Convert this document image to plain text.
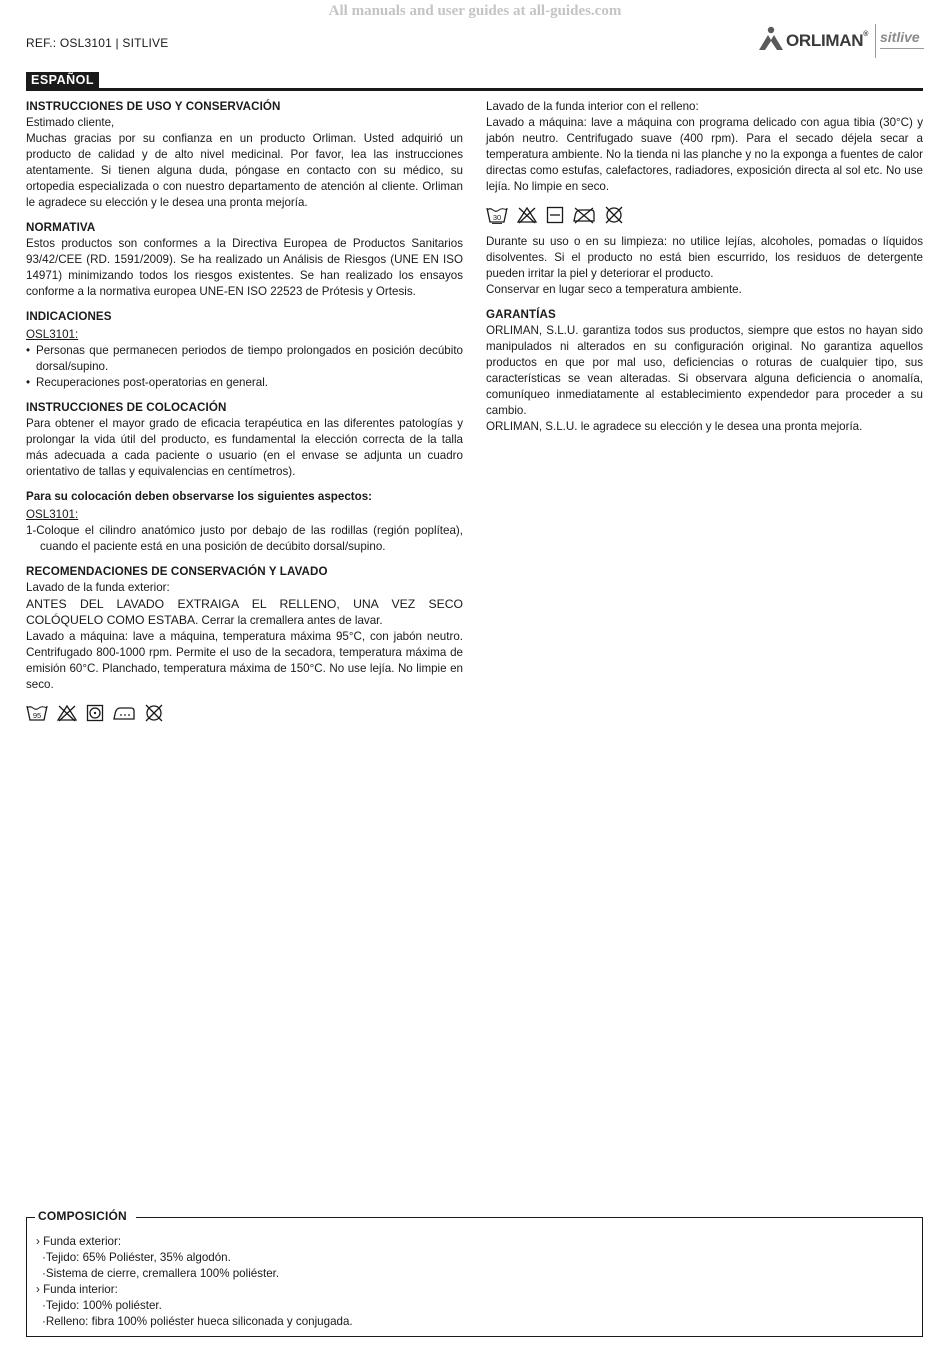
All manuals and user guides at all-guides.com
REF.: OSL3101 | SITLIVE	ORLIMAN® sitlive
ESPAÑOL
INSTRUCCIONES DE USO Y CONSERVACIÓN

Estimado cliente,

Muchas gracias por su confianza en un producto Orliman. Usted adquirió un producto de calidad y de alto nivel medicinal. Por favor, lea las instrucciones atentamente. Si tienen alguna duda, póngase en contacto con su médico, su ortopedia especializada o con nuestro departamento de atención al cliente. Orliman le agradece su elección y le desea una pronta mejoría.

NORMATIVA

Estos productos son conformes a la Directiva Europea de Productos Sanitarios 93/42/CEE (RD. 1591/2009). Se ha realizado un Análisis de Riesgos (UNE EN ISO 14971) minimizando todos los riesgos existentes. Se han realizado los ensayos conforme a la normativa europea UNE-EN ISO 22523 de Prótesis y Ortesis.

INDICACIONES

OSL3101:

• Personas que permanecen periodos de tiempo prolongados en posición decúbito dorsal/supino.

• Recuperaciones post-operatorias en general.

INSTRUCCIONES DE COLOCACIÓN

Para obtener el mayor grado de eficacia terapéutica en las diferentes patologías y prolongar la vida útil del producto, es fundamental la elección correcta de la talla más adecuada a cada paciente o usuario (en el envase se adjunta un cuadro orientativo de tallas y equivalencias en centímetros).

Para su colocación deben observarse los siguientes aspectos:

OSL3101:

1-Coloque el cilindro anatómico justo por debajo de las rodillas (región poplítea), cuando el paciente está en una posición de decúbito dorsal/supino.

RECOMENDACIONES DE CONSERVACIÓN Y LAVADO

Lavado de la funda exterior:

ANTES DEL LAVADO EXTRAIGA EL RELLENO, UNA VEZ SECO COLÓQUELO COMO ESTABA. Cerrar la cremallera antes de lavar.

Lavado a máquina: lave a máquina, temperatura máxima 95°C, con jabón neutro. Centrifugado 800-1000 rpm. Permite el uso de la secadora, temperatura máxima de emisión 60°C. Planchado, temperatura máxima de 150°C. No use lejía. No limpie en seco.

95

Lavado de la funda interior con el relleno:

Lavado a máquina: lave a máquina con programa delicado con agua tibia (30°C) y jabón neutro. Centrifugado suave (400 rpm). Para el secado déjela secar a temperatura ambiente. No la tienda ni las planche y no la exponga a fuentes de calor directas como estufas, calefactores, radiadores, exposición directa al sol etc. No use lejía. No limpie en seco.

30

Durante su uso o en su limpieza: no utilice lejías, alcoholes, pomadas o líquidos disolventes. Si el producto no está bien escurrido, los residuos de detergente pueden irritar la piel y deteriorar el producto.

Conservar en lugar seco a temperatura ambiente.

GARANTÍAS

ORLIMAN, S.L.U. garantiza todos sus productos, siempre que estos no hayan sido manipulados ni alterados en su configuración original. No garantiza aquellos productos en que por mal uso, deficiencias o roturas de cualquier tipo, sus características se vean alteradas. Si observara alguna deficiencia o anomalía, comuníqueo inmediatamente al establecimiento expendedor para proceder a su cambio.

ORLIMAN, S.L.U. le agradece su elección y le desea una pronta mejoría.

COMPOSICIÓN

› Funda exterior:

·Tejido: 65% Poliéster, 35% algodón.

·Sistema de cierre, cremallera 100% poliéster.

› Funda interior:

·Tejido: 100% poliéster.

·Relleno: fibra 100% poliéster hueca siliconada y conjugada.
